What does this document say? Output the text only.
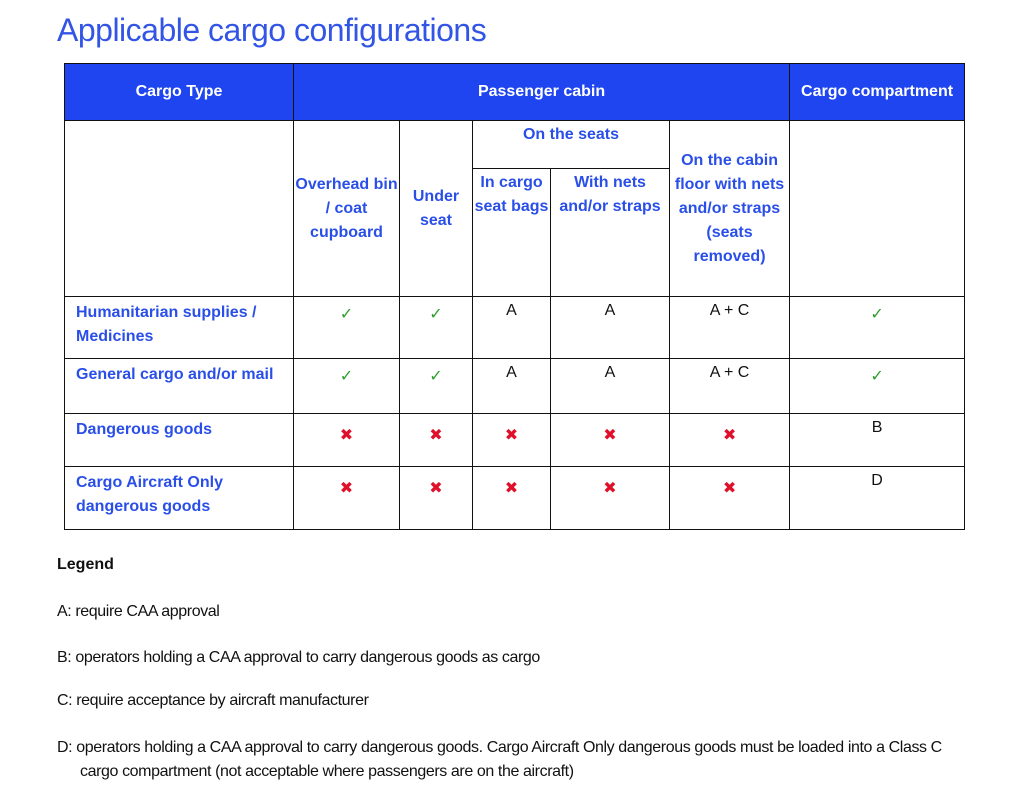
Applicable cargo configurations
Cargo Type	Passenger cabin					Cargo compartment
	Overhead bin / coat cupboard	Under seat	On the seats		On the cabin floor with nets and/or straps (seats removed)	
			In cargo seat bags	With nets and/or straps		
Humanitarian supplies / Medicines	✓	✓	A	A	A + C	✓
General cargo and/or mail	✓	✓	A	A	A + C	✓
Dangerous goods	✖	✖	✖	✖	✖	B
Cargo Aircraft Only dangerous goods	✖	✖	✖	✖	✖	D
Legend
A: require CAA approval
B: operators holding a CAA approval to carry dangerous goods as cargo
C: require acceptance by aircraft manufacturer
D: operators holding a CAA approval to carry dangerous goods. Cargo Aircraft Only dangerous goods must be loaded into a Class C cargo compartment (not acceptable where passengers are on the aircraft)
